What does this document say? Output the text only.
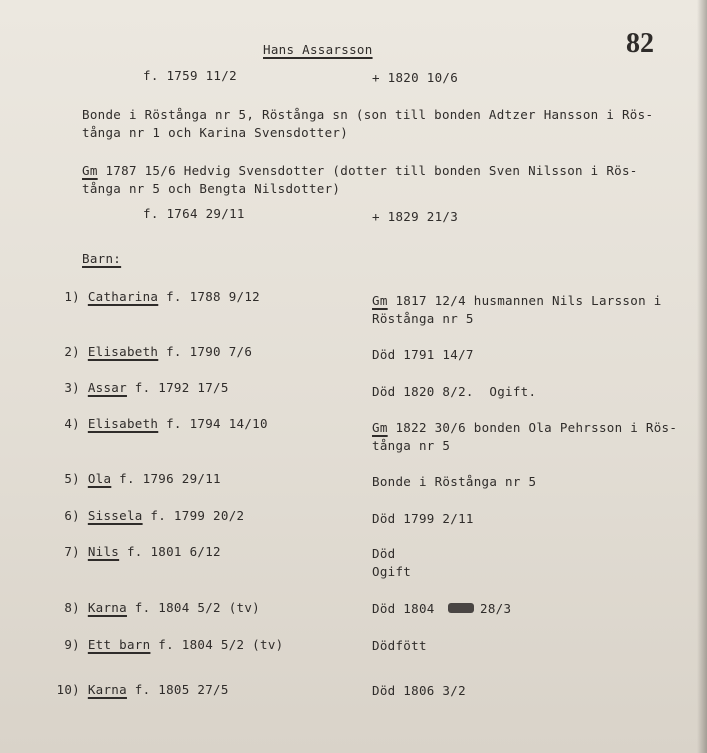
Hans Assarsson	82
f. 1759 11/2	+ 1820 10/6
Bonde i Röstånga nr 5, Röstånga sn (son till bonden Adtzer Hansson i Rös-
tånga nr 1 och Karina Svensdotter)
Gm 1787 15/6 Hedvig Svensdotter (dotter till bonden Sven Nilsson i Rös-
tånga nr 5 och Bengta Nilsdotter)
f. 1764 29/11	+ 1829 21/3
Barn:
1) Catharina f. 1788 9/12	Gm 1817 12/4 husmannen Nils Larsson i
Röstånga nr 5
2) Elisabeth f. 1790 7/6	Död 1791 14/7
3) Assar f. 1792 17/5	Död 1820 8/2.  Ogift.
4) Elisabeth f. 1794 14/10	Gm 1822 30/6 bonden Ola Pehrsson i Rös-
tånga nr 5
5) Ola f. 1796 29/11	Bonde i Röstånga nr 5
6) Sissela f. 1799 20/2	Död 1799 2/11
7) Nils f. 1801 6/12	Död
Ogift
8) Karna f. 1804 5/2 (tv)	Död 1804	28/3
9) Ett barn f. 1804 5/2 (tv)	Dödfött
10) Karna f. 1805 27/5	Död 1806 3/2
